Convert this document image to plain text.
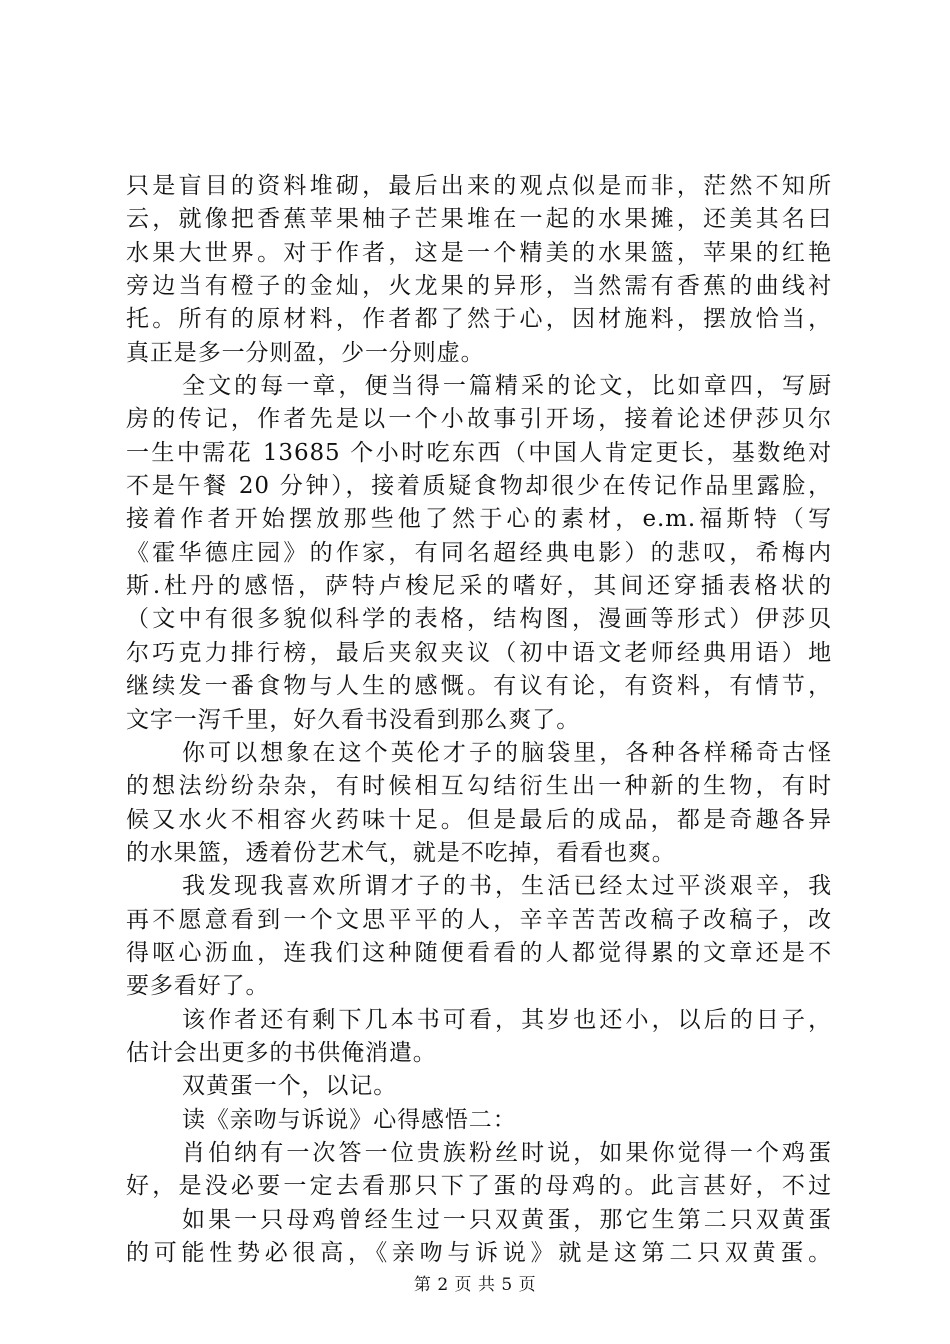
只是盲目的资料堆砌，最后出来的观点似是而非，茫然不知所
云，就像把香蕉苹果柚子芒果堆在一起的水果摊，还美其名曰
水果大世界。对于作者，这是一个精美的水果篮，苹果的红艳
旁边当有橙子的金灿，火龙果的异形，当然需有香蕉的曲线衬
托。所有的原材料，作者都了然于心，因材施料，摆放恰当，
真正是多一分则盈，少一分则虚。
全文的每一章，便当得一篇精采的论文，比如章四，写厨
房的传记，作者先是以一个小故事引开场，接着论述伊莎贝尔
一生中需花 13685 个小时吃东西（中国人肯定更长，基数绝对
不是午餐 20 分钟），接着质疑食物却很少在传记作品里露脸，
接着作者开始摆放那些他了然于心的素材，e.m.福斯特（写
《霍华德庄园》的作家，有同名超经典电影）的悲叹，希梅内
斯.杜丹的感悟，萨特卢梭尼采的嗜好，其间还穿插表格状的
（文中有很多貌似科学的表格，结构图，漫画等形式）伊莎贝
尔巧克力排行榜，最后夹叙夹议（初中语文老师经典用语）地
继续发一番食物与人生的感慨。有议有论，有资料，有情节，
文字一泻千里，好久看书没看到那么爽了。
你可以想象在这个英伦才子的脑袋里，各种各样稀奇古怪
的想法纷纷杂杂，有时候相互勾结衍生出一种新的生物，有时
候又水火不相容火药味十足。但是最后的成品，都是奇趣各异
的水果篮，透着份艺术气，就是不吃掉，看看也爽。
我发现我喜欢所谓才子的书，生活已经太过平淡艰辛，我
再不愿意看到一个文思平平的人，辛辛苦苦改稿子改稿子，改
得呕心沥血，连我们这种随便看看的人都觉得累的文章还是不
要多看好了。
该作者还有剩下几本书可看，其岁也还小，以后的日子，
估计会出更多的书供俺消遣。
双黄蛋一个，以记。
读《亲吻与诉说》心得感悟二：
肖伯纳有一次答一位贵族粉丝时说，如果你觉得一个鸡蛋
好，是没必要一定去看那只下了蛋的母鸡的。此言甚好，不过
如果一只母鸡曾经生过一只双黄蛋，那它生第二只双黄蛋
的可能性势必很高，《亲吻与诉说》就是这第二只双黄蛋。
第 2 页 共 5 页
